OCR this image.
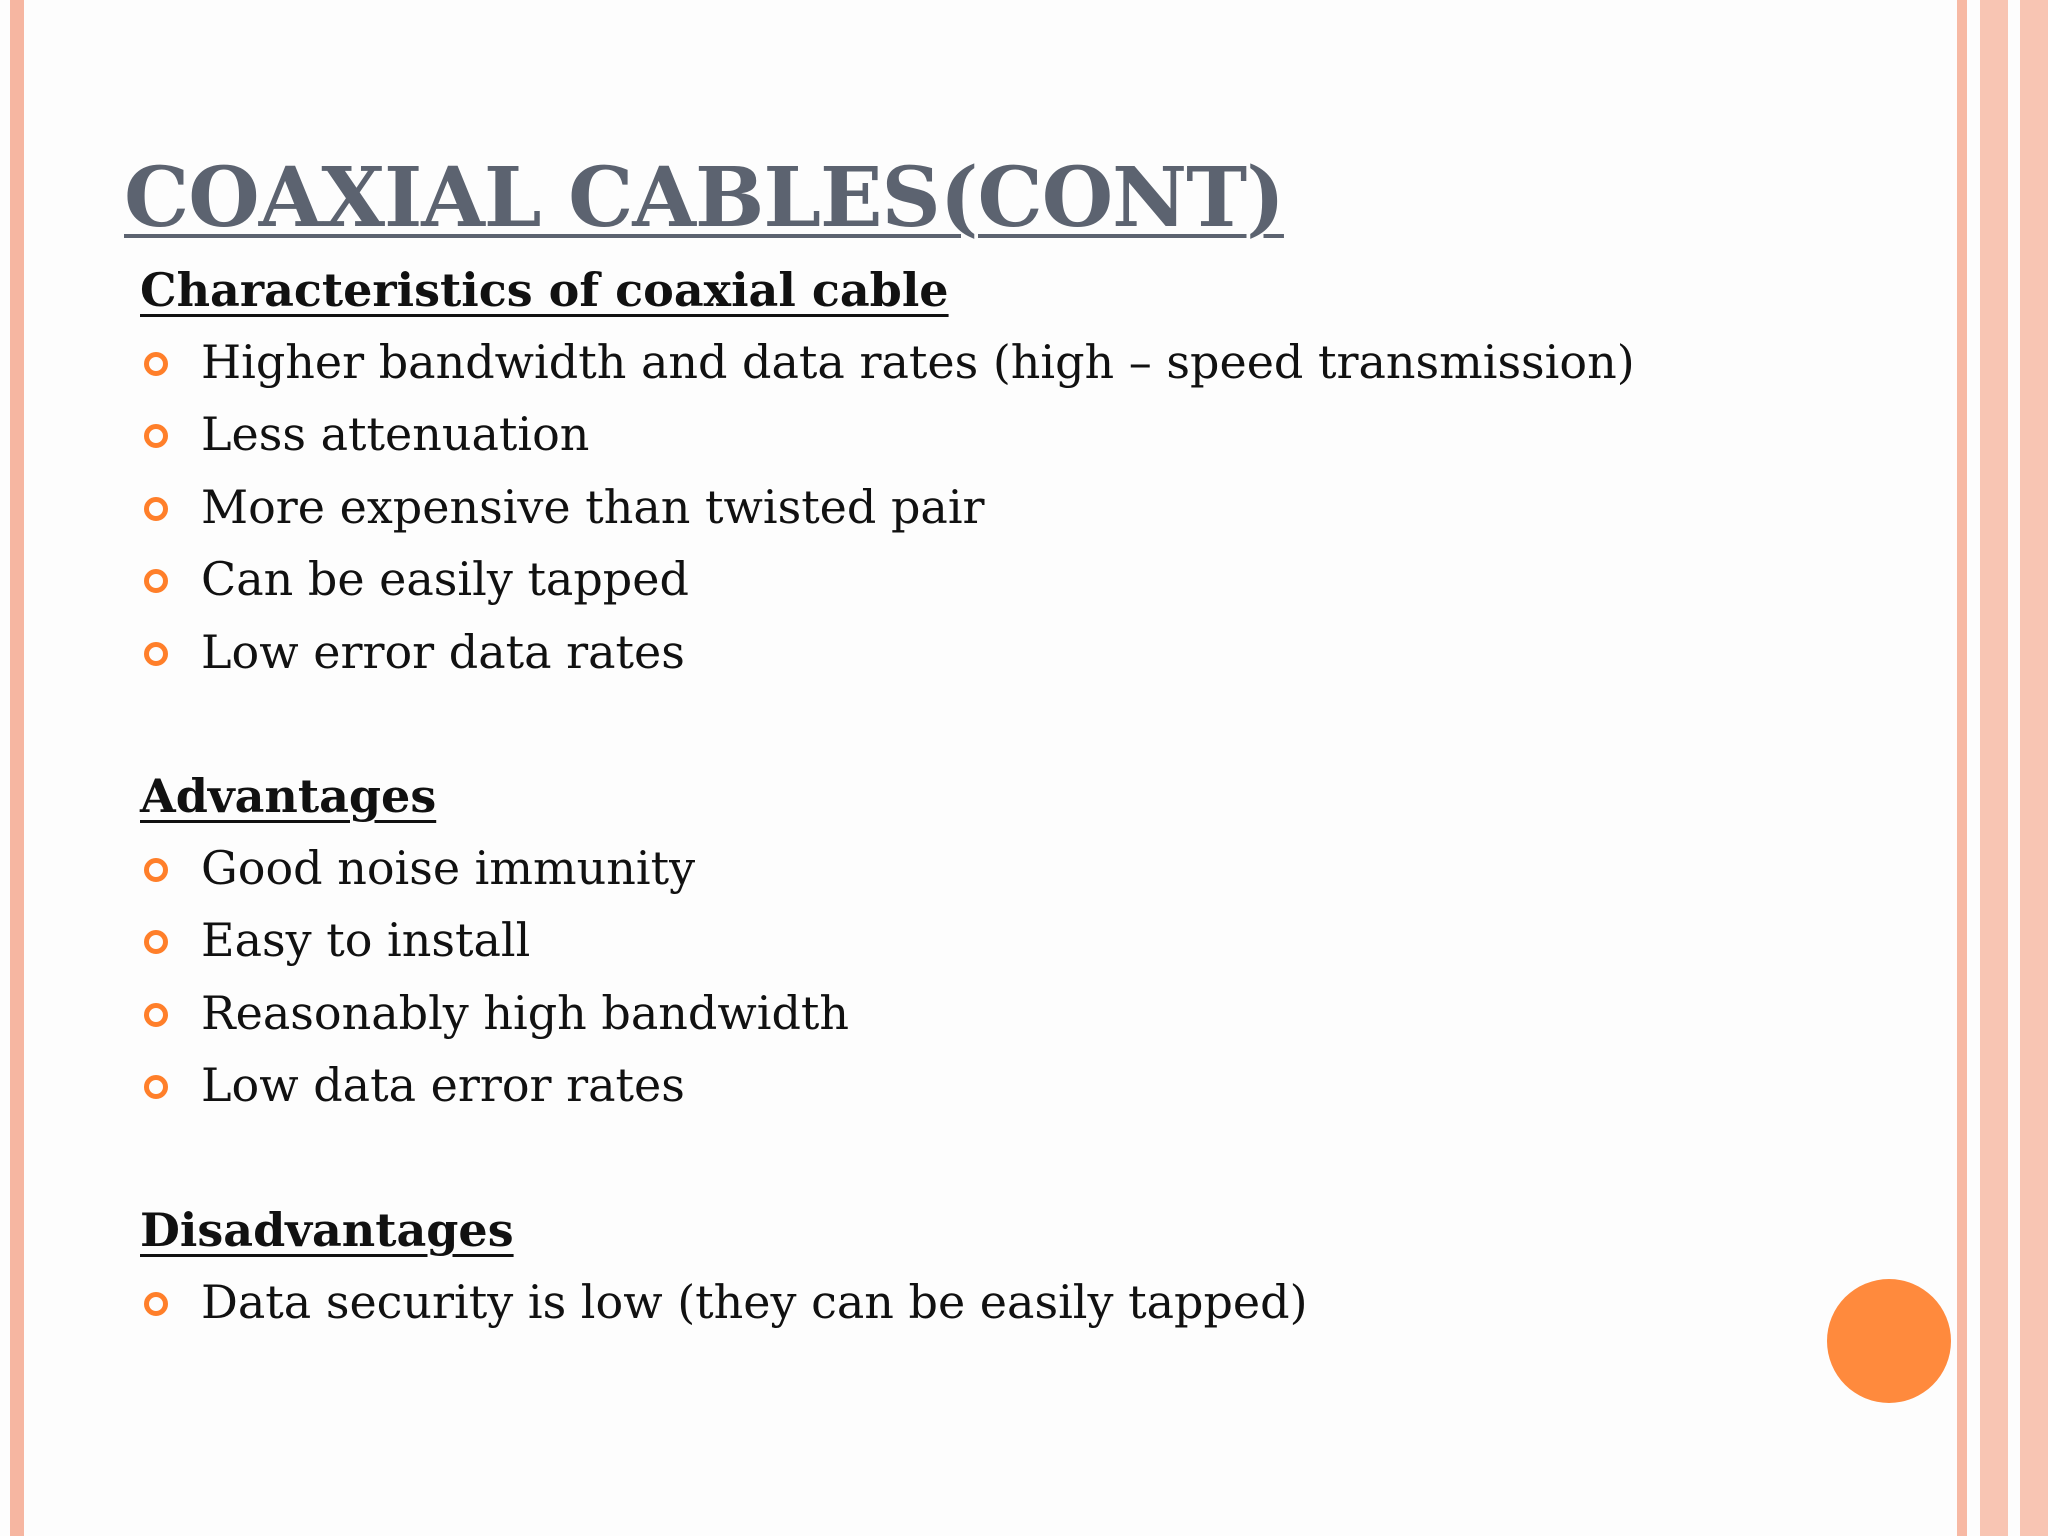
COAXIAL CABLES(CONT)
Characteristics of coaxial cable
Higher bandwidth and data rates (high – speed transmission)
Less attenuation
More expensive than twisted pair
Can be easily tapped
Low error data rates
Advantages
Good noise immunity
Easy to install
Reasonably high bandwidth
Low data error rates
Disadvantages
Data security is low (they can be easily tapped)
